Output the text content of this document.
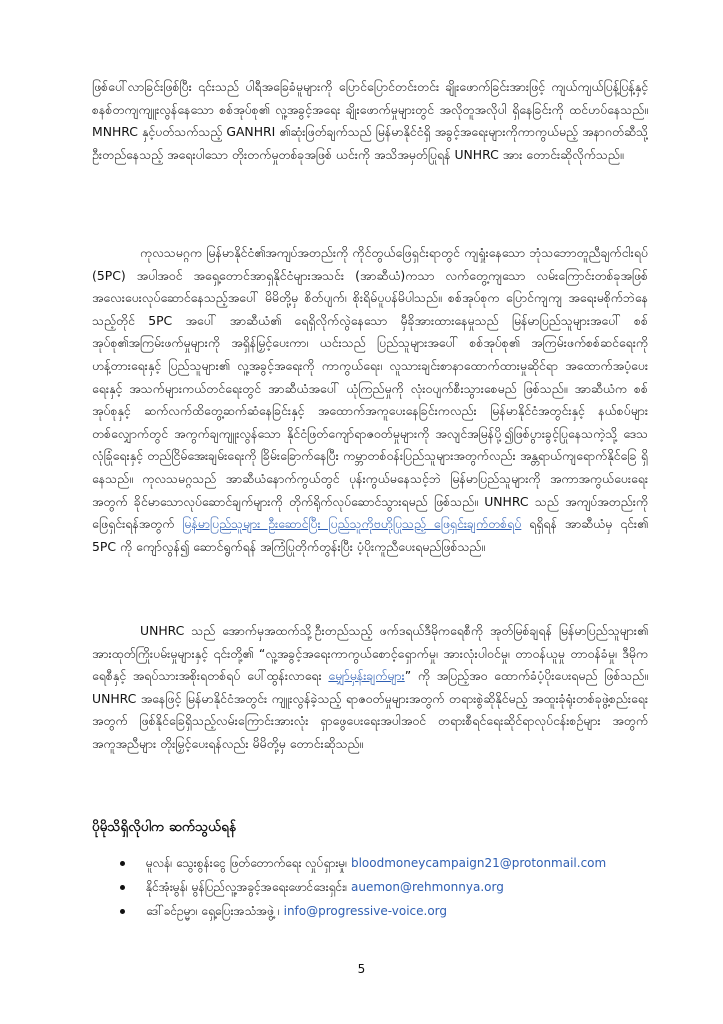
ဖြစ်ပေါ်လာခြင်းဖြစ်ပြီး ၎င်းသည် ပါရီအခြေခံမူများကို ပြောင်ပြောင်တင်းတင်း ချိုးဖောက်ခြင်းအားဖြင့် ကျယ်ကျယ်ပြန့်ပြန့်နှင့် စနစ်တကျကျူးလွန်နေသော စစ်အုပ်စု၏ လူ့အခွင့်အရေး ချိုးဖောက်မှုများတွင် အလိုတူအလိုပါ ရှိနေခြင်းကို ထင်ဟပ်နေသည်။ MNHRC နှင့်ပတ်သက်သည့် GANHRI ၏ဆုံးဖြတ်ချက်သည် မြန်မာနိုင်ငံရှိ အခွင့်အရေးများကိုကာကွယ်မည့် အနာဂတ်ဆီသို့ ဦးတည်နေသည့် အရေးပါသော တိုးတက်မှုတစ်ခုအဖြစ် ယင်းကို အသိအမှတ်ပြုရန် UNHRC အား တောင်းဆိုလိုက်သည်။

ကုလသမဂ္ဂက မြန်မာနိုင်ငံ၏အကျပ်အတည်းကို ကိုင်တွယ်ဖြေရှင်းရာတွင် ကျရှုံးနေသော ဘုံသဘောတူညီချက်ငါးရပ် (5PC) အပါအဝင် အရှေ့တောင်အာရှနိုင်ငံများအသင်း (အာဆီယံ)ကသာ လက်တွေ့ကျသော လမ်းကြောင်းတစ်ခုအဖြစ် အလေးပေးလုပ်ဆောင်နေသည့်အပေါ် မိမိတို့မှ စိတ်ပျက်၊ စိုးရိမ်ပူပန်မိပါသည်။ စစ်အုပ်စုက ပြောင်ကျကျ အရေးမစိုက်ဘဲနေသည့်တိုင် 5PC အပေါ် အာဆီယံ၏ ရေရှိလိုက်လွဲနေသော မှီခိုအားထားနေမှုသည် မြန်မာပြည်သူများအပေါ် စစ်အုပ်စု၏အကြမ်းဖက်မှုများကို အရှိန်မြှင့်ပေးကာ၊ ယင်းသည် ပြည်သူများအပေါ် စစ်အုပ်စု၏ အကြမ်းဖက်စစ်ဆင်ရေးကို ဟန့်တားရေးနှင့် ပြည်သူများ၏ လူ့အခွင့်အရေးကို ကာကွယ်ရေး၊ လူသားချင်းစာနာထောက်ထားမှုဆိုင်ရာ အထောက်အပံ့ပေးရေးနှင့် အသက်များကယ်တင်ရေးတွင် အာဆီယံအပေါ် ယုံကြည်မှုကို လုံးဝပျက်စီးသွားစေမည် ဖြစ်သည်။ အာဆီယံက စစ်အုပ်စုနှင့် ဆက်လက်ထိတွေ့ဆက်ဆံနေခြင်းနှင့် အထောက်အကူပေးနေခြင်းကလည်း မြန်မာနိုင်ငံအတွင်းနှင့် နယ်စပ်များတစ်လျှောက်တွင် အကွက်ချကျူးလွန်သော နိုင်ငံဖြတ်ကျော်ရာဇဝတ်မှုများကို အလျင်အမြန်ပို့၍ဖြစ်ပွားခွင့်ပြုနေသကဲ့သို့ ဒေသလုံခြုံရေးနှင့် တည်ငြိမ်အေးချမ်းရေးကို ခြိမ်းခြောက်နေပြီး ကမ္ဘာတစ်ဝန်းပြည်သူများအတွက်လည်း အန္တရာယ်ကျရောက်နိုင်ခြေ ရှိနေသည်။ ကုလသမဂ္ဂသည် အာဆီယံနောက်ကွယ်တွင် ပုန်းကွယ်မနေသင့်ဘဲ မြန်မာပြည်သူများကို အကာအကွယ်ပေးရေးအတွက် ခိုင်မာသောလုပ်ဆောင်ချက်များကို တိုက်ရိုက်လုပ်ဆောင်သွားရမည် ဖြစ်သည်။ UNHRC သည် အကျပ်အတည်းကို ဖြေရှင်းရန်အတွက် မြန်မာပြည်သူများ ဦးဆောင်ပြီး ပြည်သူကိုဗဟိုပြုသည့် ဖြေရှင်းချက်တစ်ရပ် ရရှိရန် အာဆီယံမှ ၎င်း၏ 5PC ကို ကျော်လွန်၍ ဆောင်ရွက်ရန် အကြံပြုတိုက်တွန်းပြီး ပံ့ပိုးကူညီပေးရမည်ဖြစ်သည်။

UNHRC သည် အောက်မှအထက်သို့ဦးတည်သည့် ဖက်ဒရယ်ဒီမိုကရေစီကို အုတ်မြစ်ချရန် မြန်မာပြည်သူများ၏ အားထုတ်ကြိုးပမ်းမှုများနှင့် ၎င်းတို့၏ “လူ့အခွင့်အရေးကာကွယ်စောင့်ရှောက်မှု၊ အားလုံးပါဝင်မှု၊ တာဝန်ယူမှု တာဝန်ခံမှု၊ ဒီမိုကရေစီနှင့် အရပ်သားအစိုးရတစ်ရပ် ပေါ်ထွန်းလာရေး မျှော်မှန်းချက်များ” ကို အပြည့်အဝ ထောက်ခံပံ့ပိုးပေးရမည် ဖြစ်သည်။ UNHRC အနေဖြင့် မြန်မာနိုင်ငံအတွင်း ကျူးလွန်ခဲ့သည့် ရာဇဝတ်မှုများအတွက် တရားစွဲဆိုနိုင်မည့် အထူးခုံရုံးတစ်ခုဖွဲ့စည်းရေးအတွက် ဖြစ်နိုင်ခြေရှိသည့်လမ်းကြောင်းအားလုံး ရှာဖွေပေးရေးအပါအဝင် တရားစီရင်ရေးဆိုင်ရာလုပ်ငန်းစဉ်များ အတွက် အကူအညီများ တိုးမြှင့်ပေးရန်လည်း မိမိတို့မှ တောင်းဆိုသည်။

ပိုမိုသိရှိလိုပါက ဆက်သွယ်ရန်
မူလန်၊ သွေးစွန်းငွေ ဖြတ်တောက်ရေး လှုပ်ရှားမှု၊ bloodmoneycampaign21@protonmail.com
နိုင်အုံးမွန်၊ မွန်ပြည်လူ့အခွင့်အရေးဖောင်ဒေးရှင်း၊ auemon@rehmonnya.org
ဒေါ်ခင်ဥမ္မာ၊ ရှေ့ပြေးအသံအဖွဲ့ ၊ info@progressive-voice.org
5
